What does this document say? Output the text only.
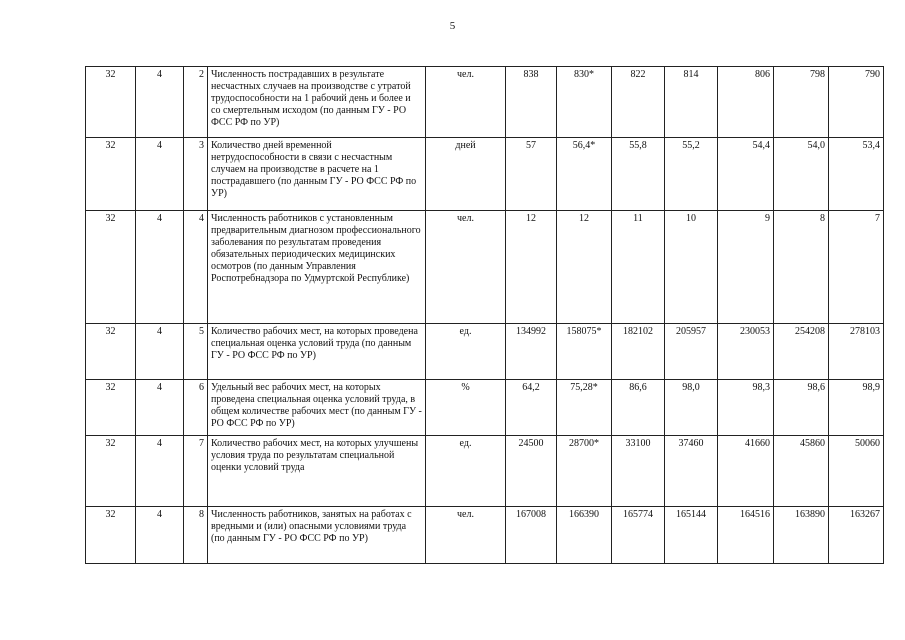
5
32	4	2	Численность пострадавших в результате несчастных случаев на производстве с утратой трудоспособности на 1 рабочий день и более и со смертельным исходом (по данным ГУ - РО ФСС РФ по УР)	чел.	838	830*	822	814	806	798	790
32	4	3	Количество дней временной нетрудоспособности в связи с несчастным случаем на производстве в расчете на 1 пострадавшего (по данным ГУ - РО ФСС РФ по УР)	дней	57	56,4*	55,8	55,2	54,4	54,0	53,4
32	4	4	Численность работников с установленным предварительным диагнозом профессионального заболевания по результатам проведения обязательных периодических медицинских осмотров (по данным Управления Роспотребнадзора по Удмуртской Республике)	чел.	12	12	11	10	9	8	7
32	4	5	Количество рабочих мест, на которых проведена специальная оценка условий труда (по данным ГУ - РО ФСС РФ по УР)	ед.	134992	158075*	182102	205957	230053	254208	278103
32	4	6	Удельный вес рабочих мест, на которых проведена специальная оценка условий труда, в общем количестве рабочих мест (по данным ГУ - РО ФСС РФ по УР)	%	64,2	75,28*	86,6	98,0	98,3	98,6	98,9
32	4	7	Количество рабочих мест, на которых улучшены условия труда по результатам специальной оценки условий труда	ед.	24500	28700*	33100	37460	41660	45860	50060
32	4	8	Численность работников, занятых на работах с вредными и (или) опасными условиями труда (по данным ГУ - РО ФСС РФ по УР)	чел.	167008	166390	165774	165144	164516	163890	163267
